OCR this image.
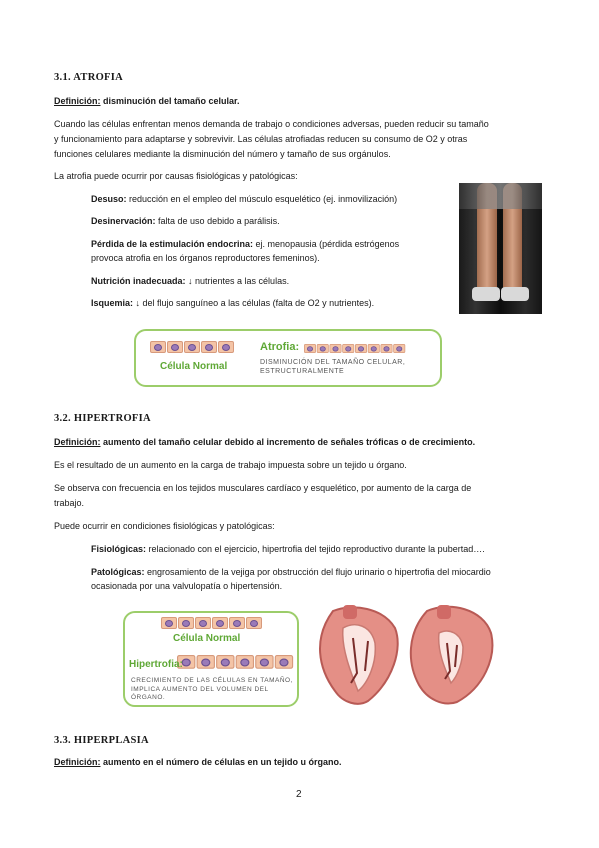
3.1. ATROFIA
Definición: disminución del tamaño celular.
Cuando las células enfrentan menos demanda de trabajo o condiciones adversas, pueden reducir su tamaño
y funcionamiento para adaptarse y sobrevivir. Las células atrofiadas reducen su consumo de O2 y otras
funciones celulares mediante la disminución del número y tamaño de sus orgánulos.
La atrofia puede ocurrir por causas fisiológicas y patológicas:
Desuso: reducción en el empleo del músculo esquelético (ej. inmovilización)
Desinervación: falta de uso debido a parálisis.
Pérdida de la estimulación endocrina: ej. menopausia (pérdida estrógenos
provoca atrofia en los órganos reproductores femeninos).
Nutrición inadecuada: ↓ nutrientes a las células.
Isquemia: ↓ del flujo sanguíneo a las células (falta de O2 y nutrientes).
Célula Normal
Atrofia:
DISMINUCIÓN DEL TAMAÑO CELULAR,
ESTRUCTURALMENTE
3.2. HIPERTROFIA
Definición: aumento del tamaño celular debido al incremento de señales tróficas o de crecimiento.
Es el resultado de un aumento en la carga de trabajo impuesta sobre un tejido u órgano.
Se observa con frecuencia en los tejidos musculares cardíaco y esquelético, por aumento de la carga de
trabajo.
Puede ocurrir en condiciones fisiológicas y patológicas:
Fisiológicas: relacionado con el ejercicio, hipertrofia del tejido reproductivo durante la pubertad….
Patológicas: engrosamiento de la vejiga por obstrucción del flujo urinario o hipertrofia del miocardio
ocasionada por una valvulopatía o hipertensión.
Célula Normal
Hipertrofia:
CRECIMIENTO DE LAS CÉLULAS EN TAMAÑO,
IMPLICA AUMENTO DEL VOLUMEN DEL ÓRGANO.
3.3. HIPERPLASIA
Definición: aumento en el número de células en un tejido u órgano.
2
